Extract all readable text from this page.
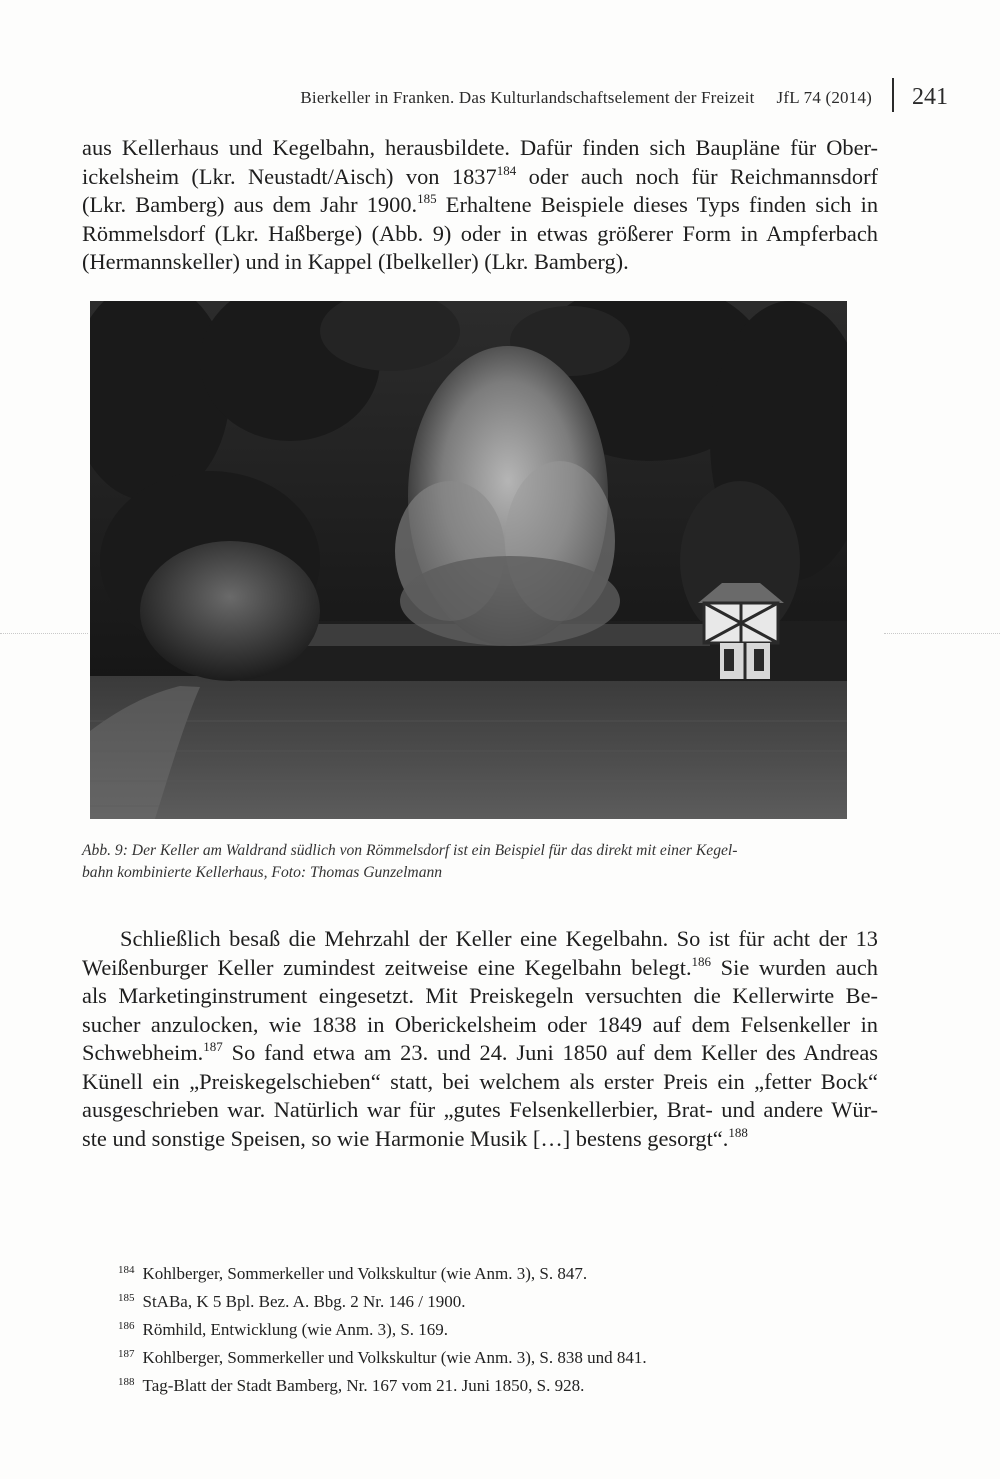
Bierkeller in Franken. Das Kulturlandschaftselement der Freizeit JfL 74 (2014) 241
aus Kellerhaus und Kegelbahn, herausbildete. Dafür finden sich Baupläne für Ober-
ickelsheim (Lkr. Neustadt/Aisch) von 1837$^{184}$ oder auch noch für Reichmannsdorf
(Lkr. Bamberg) aus dem Jahr 1900.$^{185}$ Erhaltene Beispiele dieses Typs finden sich in
Römmelsdorf (Lkr. Haßberge) (Abb. 9) oder in etwas größerer Form in Ampferbach
(Hermannskeller) und in Kappel (Ibelkeller) (Lkr. Bamberg).
Abb. 9: Der Keller am Waldrand südlich von Römmelsdorf ist ein Beispiel für das direkt mit einer Kegel-
bahn kombinierte Kellerhaus, Foto: Thomas Gunzelmann
Schließlich besaß die Mehrzahl der Keller eine Kegelbahn. So ist für acht der 13
Weißenburger Keller zumindest zeitweise eine Kegelbahn belegt.$^{186}$ Sie wurden auch
als Marketinginstrument eingesetzt. Mit Preiskegeln versuchten die Kellerwirte Be-
sucher anzulocken, wie 1838 in Oberickelsheim oder 1849 auf dem Felsenkeller in
Schwebheim.$^{187}$ So fand etwa am 23. und 24. Juni 1850 auf dem Keller des Andreas
Künell ein „Preiskegelschieben“ statt, bei welchem als erster Preis ein „fetter Bock“
ausgeschrieben war. Natürlich war für „gutes Felsenkellerbier, Brat- und andere Wür-
ste und sonstige Speisen, so wie Harmonie Musik […] bestens gesorgt“.$^{188}$
$^{184}$ Kohlberger, Sommerkeller und Volkskultur (wie Anm. 3), S. 847.
$^{185}$ StABa, K 5 Bpl. Bez. A. Bbg. 2 Nr. 146 / 1900.
$^{186}$ Römhild, Entwicklung (wie Anm. 3), S. 169.
$^{187}$ Kohlberger, Sommerkeller und Volkskultur (wie Anm. 3), S. 838 und 841.
$^{188}$ Tag-Blatt der Stadt Bamberg, Nr. 167 vom 21. Juni 1850, S. 928.
